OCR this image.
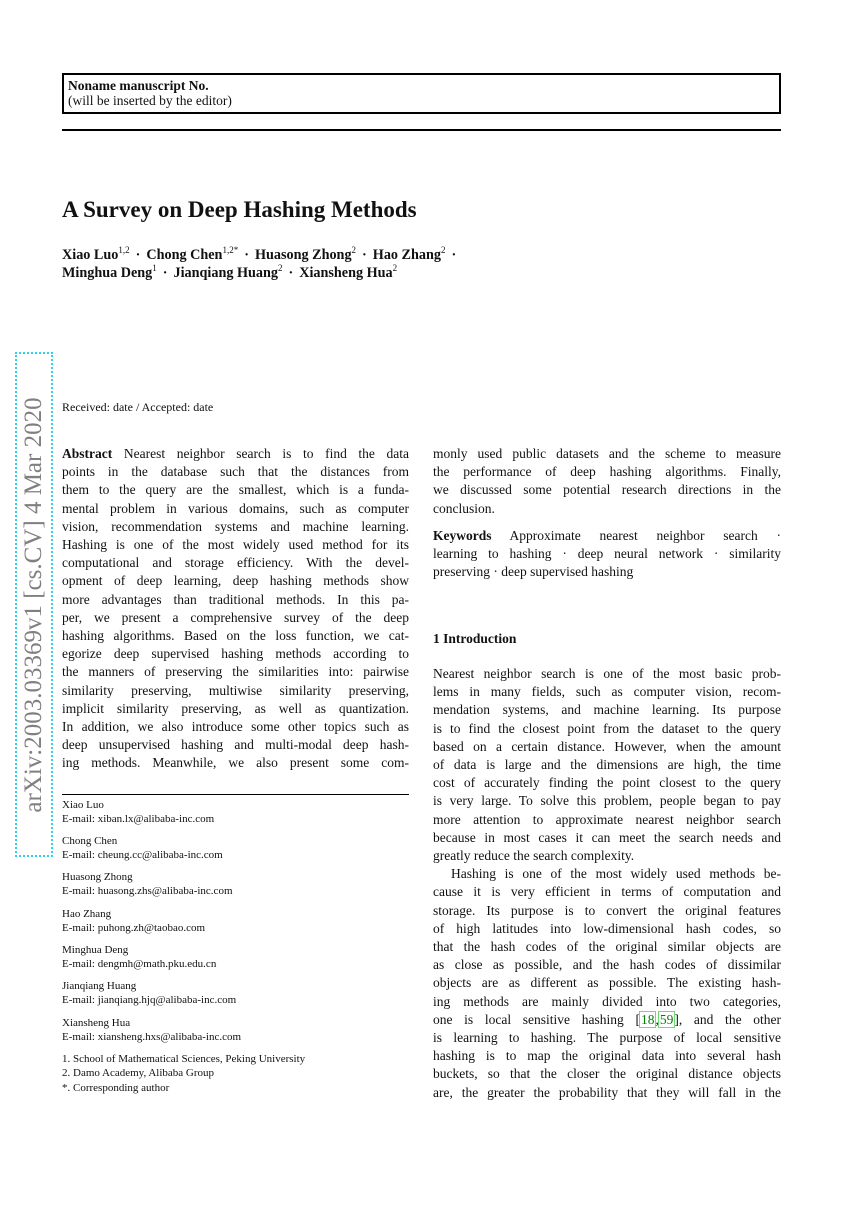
Noname manuscript No.
(will be inserted by the editor)
A Survey on Deep Hashing Methods
Xiao Luo$^{1,2}$ · Chong Chen$^{1,2*}$ · Huasong Zhong$^2$ · Hao Zhang$^2$ ·
Minghua Deng$^1$ · Jianqiang Huang$^2$ · Xiansheng Hua$^2$
arXiv:2003.03369v1 [cs.CV] 4 Mar 2020 Received: date / Accepted: date
Abstract Nearest neighbor search is to find the data
points in the database such that the distances from
them to the query are the smallest, which is a funda-
mental problem in various domains, such as computer
vision, recommendation systems and machine learning.
Hashing is one of the most widely used method for its
computational and storage efficiency. With the devel-
opment of deep learning, deep hashing methods show
more advantages than traditional methods. In this pa-
per, we present a comprehensive survey of the deep
hashing algorithms. Based on the loss function, we cat-
egorize deep supervised hashing methods according to
the manners of preserving the similarities into: pairwise
similarity preserving, multiwise similarity preserving,
implicit similarity preserving, as well as quantization.
In addition, we also introduce some other topics such as
deep unsupervised hashing and multi-modal deep hash-
ing methods. Meanwhile, we also present some com-
Xiao Luo
E-mail: xiban.lx@alibaba-inc.com
Chong Chen
E-mail: cheung.cc@alibaba-inc.com
Huasong Zhong
E-mail: huasong.zhs@alibaba-inc.com
Hao Zhang
E-mail: puhong.zh@taobao.com
Minghua Deng
E-mail: dengmh@math.pku.edu.cn
Jianqiang Huang
E-mail: jianqiang.hjq@alibaba-inc.com
Xiansheng Hua
E-mail: xiansheng.hxs@alibaba-inc.com
1. School of Mathematical Sciences, Peking University
2. Damo Academy, Alibaba Group
*. Corresponding author
monly used public datasets and the scheme to measure
the performance of deep hashing algorithms. Finally,
we discussed some potential research directions in the
conclusion.
Keywords Approximate nearest neighbor search ·
learning to hashing · deep neural network · similarity
preserving · deep supervised hashing
1 Introduction
Nearest neighbor search is one of the most basic prob-
lems in many fields, such as computer vision, recom-
mendation systems, and machine learning. Its purpose
is to find the closest point from the dataset to the query
based on a certain distance. However, when the amount
of data is large and the dimensions are high, the time
cost of accurately finding the point closest to the query
is very large. To solve this problem, people began to pay
more attention to approximate nearest neighbor search
because in most cases it can meet the search needs and
greatly reduce the search complexity.
Hashing is one of the most widely used methods be-
cause it is very efficient in terms of computation and
storage. Its purpose is to convert the original features
of high latitudes into low-dimensional hash codes, so
that the hash codes of the original similar objects are
as close as possible, and the hash codes of dissimilar
objects are as different as possible. The existing hash-
ing methods are mainly divided into two categories,
one is local sensitive hashing [18,59], and the other
is learning to hashing. The purpose of local sensitive
hashing is to map the original data into several hash
buckets, so that the closer the original distance objects
are, the greater the probability that they will fall in the
